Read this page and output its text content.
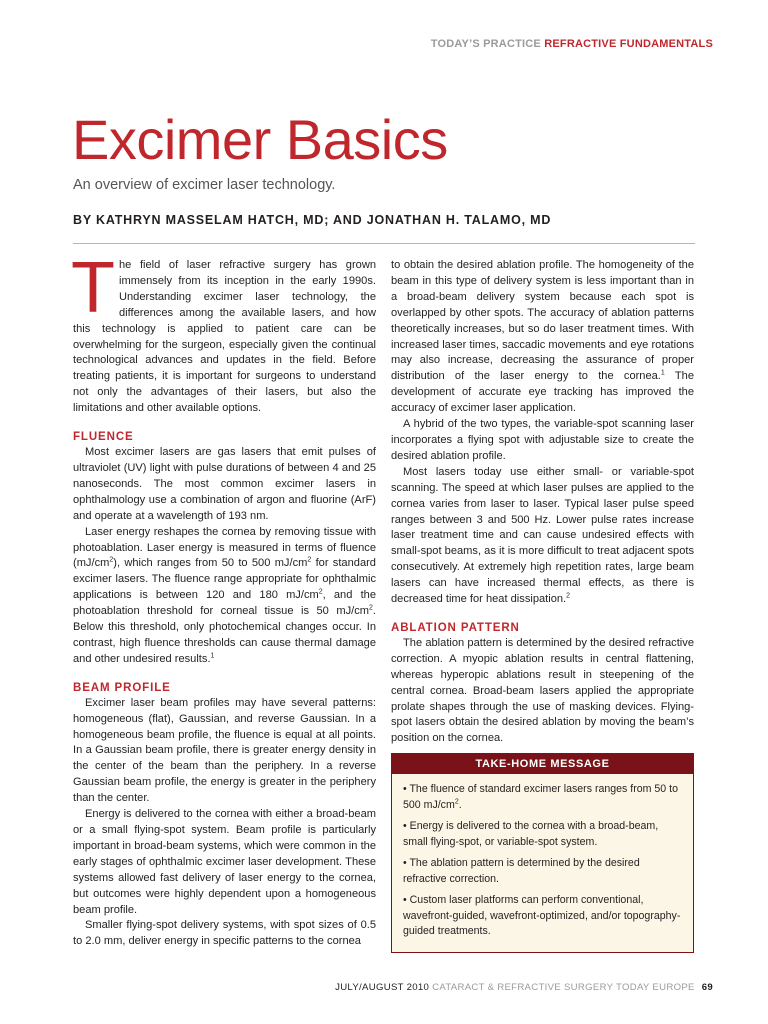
TODAY’S PRACTICE REFRACTIVE FUNDAMENTALS
Excimer Basics
An overview of excimer laser technology.
BY KATHRYN MASSELAM HATCH, MD; AND JONATHAN H. TALAMO, MD

The field of laser refractive surgery has grown immensely from its inception in the early 1990s. Understanding excimer laser technology, the differences among the available lasers, and how this technology is applied to patient care can be overwhelming for the surgeon, especially given the continual technological advances and updates in the field. Before treating patients, it is important for surgeons to understand not only the advantages of their lasers, but also the limitations and other available options.

FLUENCE

Most excimer lasers are gas lasers that emit pulses of ultraviolet (UV) light with pulse durations of between 4 and 25 nanoseconds. The most common excimer lasers in ophthalmology use a combination of argon and fluorine (ArF) and operate at a wavelength of 193 nm.

Laser energy reshapes the cornea by removing tissue with photoablation. Laser energy is measured in terms of fluence $(mJ/cm^2)$, which ranges from 50 to 500 $mJ/cm^2$ for standard excimer lasers. The fluence range appropriate for ophthalmic applications is between 120 and 180 $mJ/cm^2$, and the photoablation threshold for corneal tissue is 50 $mJ/cm^2$. Below this threshold, only photochemical changes occur. In contrast, high fluence thresholds can cause thermal damage and other undesired results.$^1$

BEAM PROFILE

Excimer laser beam profiles may have several patterns: homogeneous (flat), Gaussian, and reverse Gaussian. In a homogeneous beam profile, the fluence is equal at all points. In a Gaussian beam profile, there is greater energy density in the center of the beam than the periphery. In a reverse Gaussian beam profile, the energy is greater in the periphery than the center.

Energy is delivered to the cornea with either a broad-beam or a small flying-spot system. Beam profile is particularly important in broad-beam systems, which were common in the early stages of ophthalmic excimer laser development. These systems allowed fast delivery of laser energy to the cornea, but outcomes were highly dependent upon a homogeneous beam profile.

Smaller flying-spot delivery systems, with spot sizes of 0.5 to 2.0 mm, deliver energy in specific patterns to the cornea

to obtain the desired ablation profile. The homogeneity of the beam in this type of delivery system is less important than in a broad-beam delivery system because each spot is overlapped by other spots. The accuracy of ablation patterns theoretically increases, but so do laser treatment times. With increased laser times, saccadic movements and eye rotations may also increase, decreasing the assurance of proper distribution of the laser energy to the cornea.$^1$ The development of accurate eye tracking has improved the accuracy of excimer laser application.

A hybrid of the two types, the variable-spot scanning laser incorporates a flying spot with adjustable size to create the desired ablation profile.

Most lasers today use either small- or variable-spot scanning. The speed at which laser pulses are applied to the cornea varies from laser to laser. Typical laser pulse speed ranges between 3 and 500 Hz. Lower pulse rates increase laser treatment time and can cause undesired effects with small-spot beams, as it is more difficult to treat adjacent spots consecutively. At extremely high repetition rates, large beam lasers can have increased thermal effects, as there is decreased time for heat dissipation.$^2$

ABLATION PATTERN

The ablation pattern is determined by the desired refractive correction. A myopic ablation results in central flattening, whereas hyperopic ablations result in steepening of the central cornea. Broad-beam lasers applied the appropriate prolate shapes through the use of masking devices. Flying-spot lasers obtain the desired ablation by moving the beam’s position on the cornea.

TAKE-HOME MESSAGE
• The fluence of standard excimer lasers ranges from 50 to 500 $mJ/cm^2$.
• Energy is delivered to the cornea with a broad-beam, small flying-spot, or variable-spot system.
• The ablation pattern is determined by the desired refractive correction.
• Custom laser platforms can perform conventional, wavefront-guided, wavefront-optimized, and/or topography-guided treatments.
JULY/AUGUST 2010 CATARACT & REFRACTIVE SURGERY TODAY EUROPE 69
